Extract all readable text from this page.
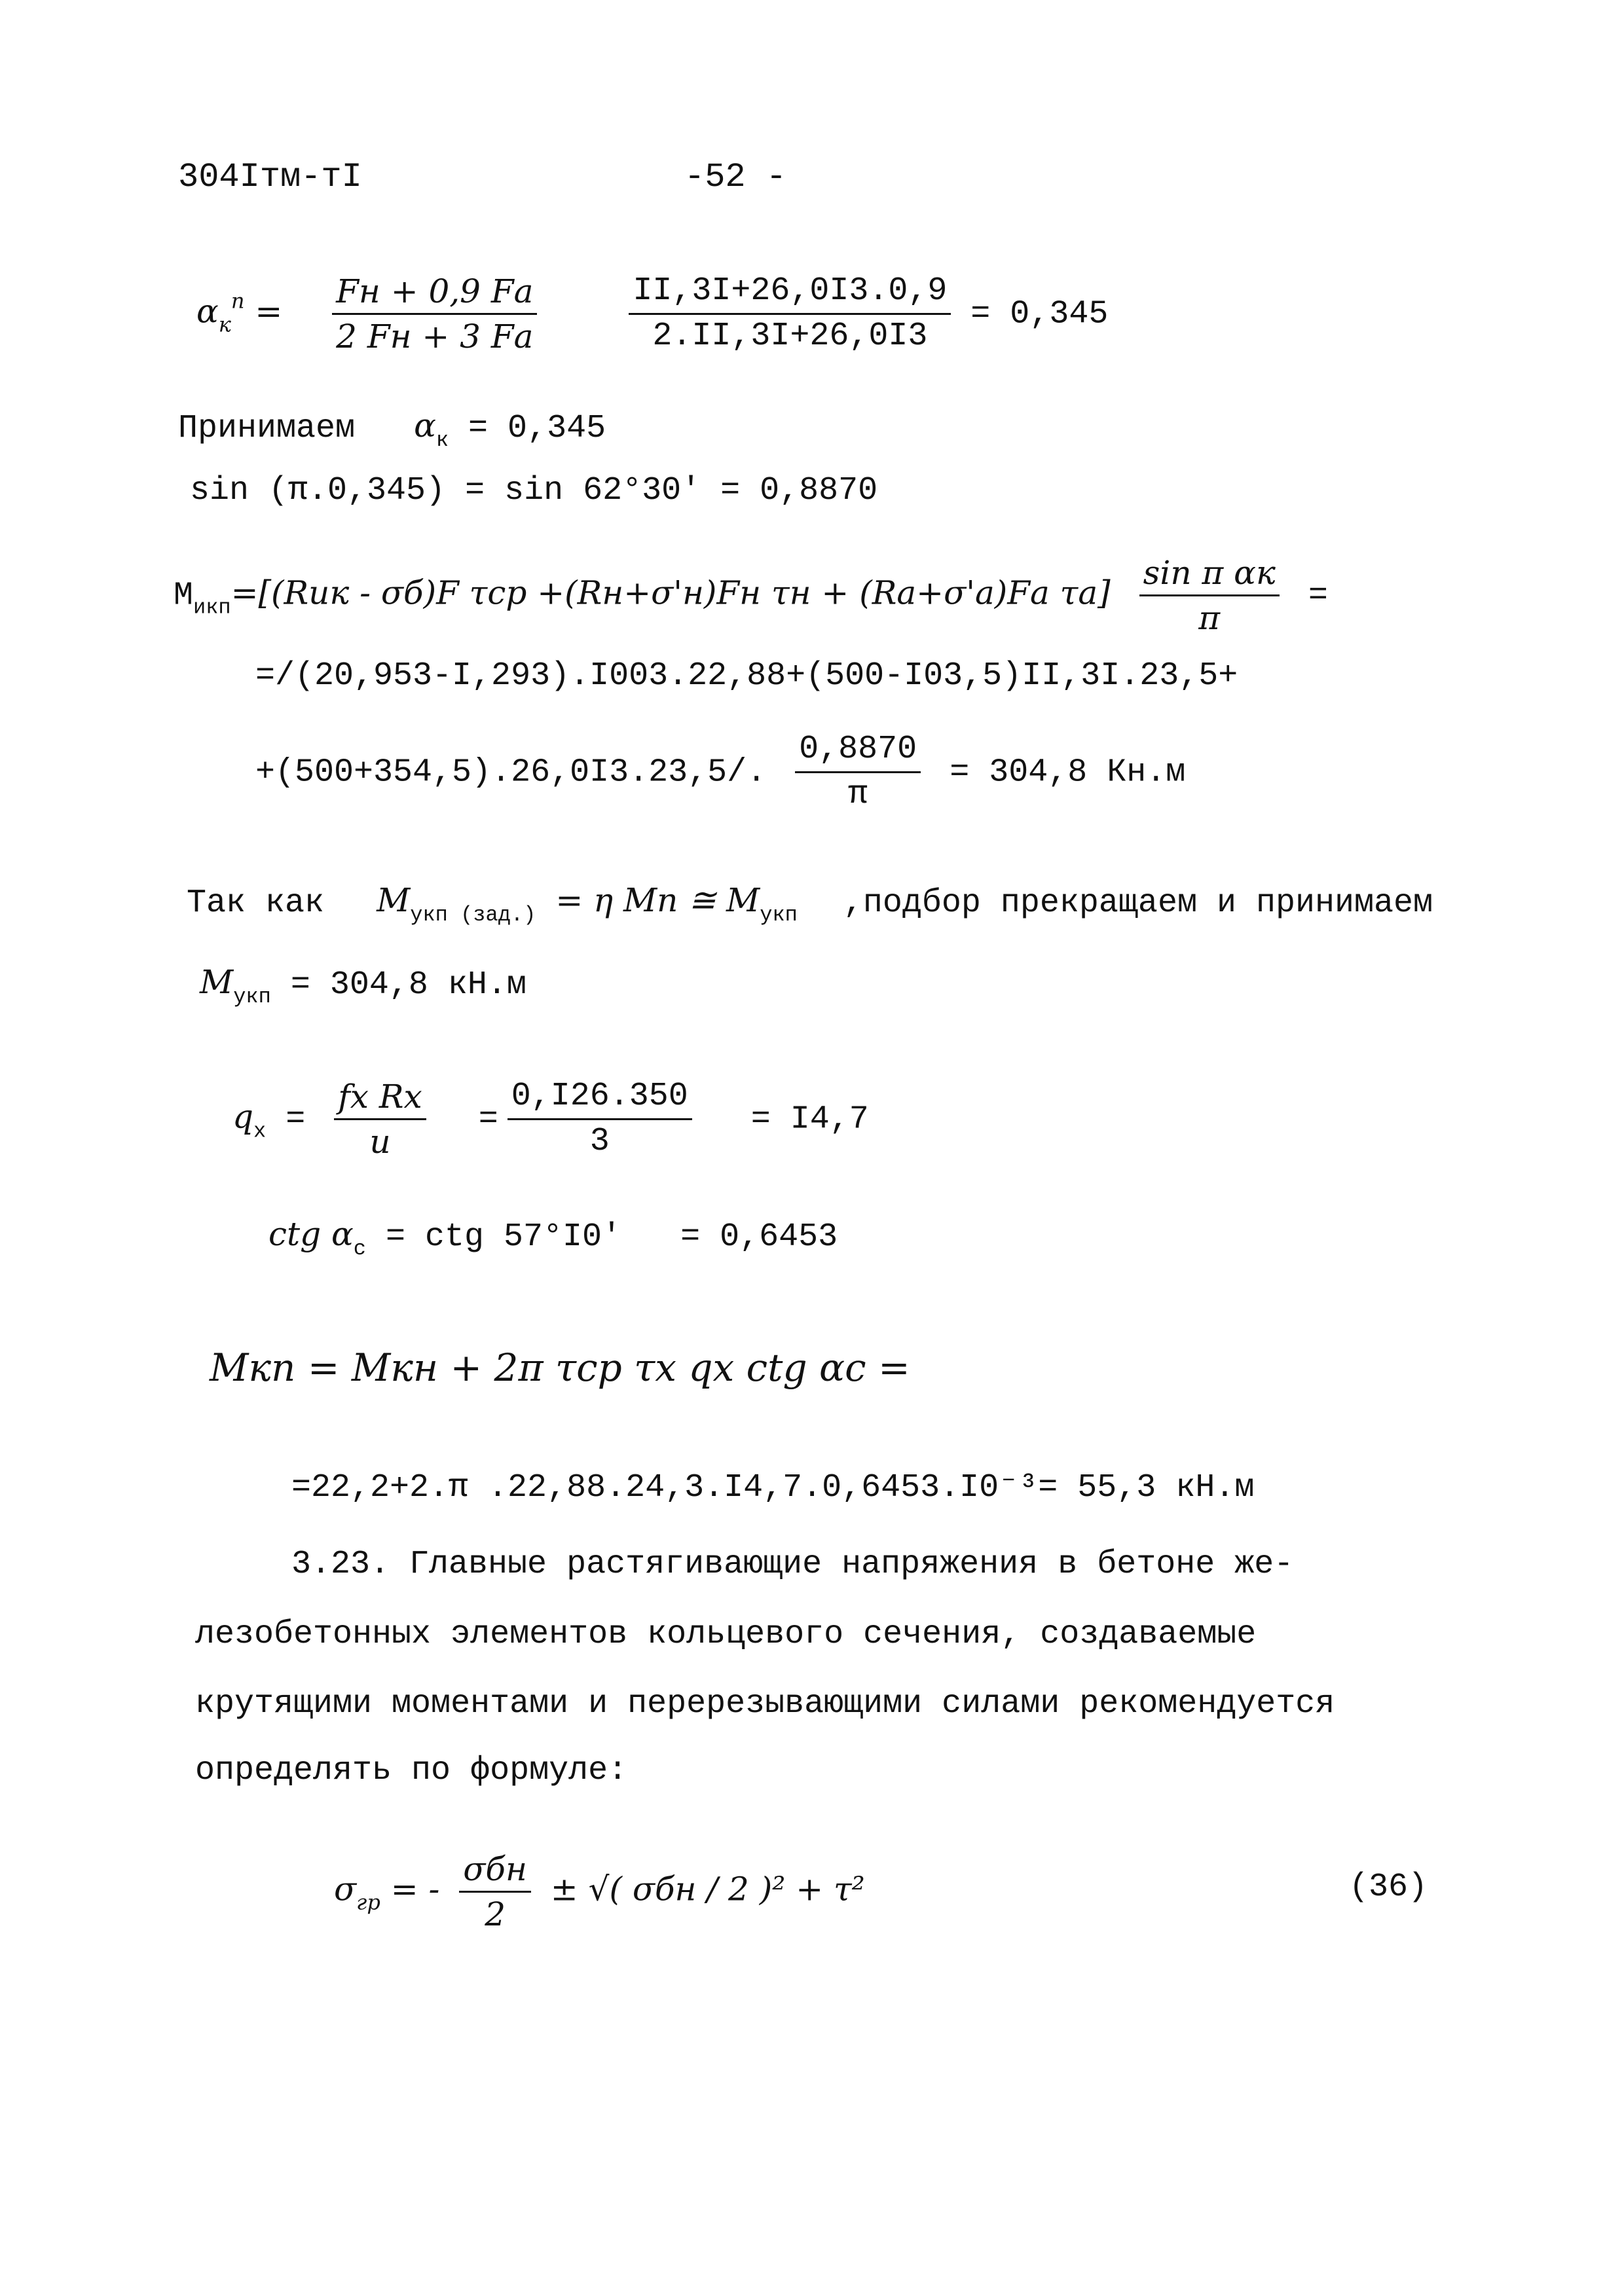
304Iтм-тI	-52 -
$\alpha_к^п = \frac{Fн + 0,9 Fа}{2 Fн + 3 Fа}$
	$\frac{II,3I+26,0I3.0,9}{2.II,3I+26,0I3} = 0,345$
Принимаем $\alpha_к = 0,345$
sin (π.0,345) = sin 62°30' = 0,8870
$M_{икп}=[(Rик - \sigma б)F$ τср +(Rн+σ'н)Fн τн + (Rа+σ'а)Fа $\tau а] \frac{\text{sin π αк}}{\pi}$ =
=/(20,953-I,293).I003.22,88+(500-I03,5)II,3I.23,5+
+(500+354,5).26,0I3.23,5/. $\frac{0,8870}{\pi} = 304,8$ Кн.м
Так как $M_{укп (зад.)} = \eta$ Mп ≅ $M_{укп}$ ,подбор прекращаем и принимаем
$M_{укп} = 304,8$ кН.м
$q_x = \frac{\text{fx Rx}}{u} = \frac{0,I26.350}{3} = I4,7$
ctg $\alpha_c$ = ctg 57°I0' = 0,6453
Mкп = Mкн + 2π τср τx qx ctg αc =
=22,2+2.π .22,88.24,3.I4,7.0,6453.I0⁻³= 55,3 кН.м
3.23. Главные растягивающие напряжения в бетоне же-
лезобетонных элементов кольцевого сечения, создаваемые
крутящими моментами и перерезывающими силами рекомендуется
определять по формуле:
$\sigma_{гр}$ = - $\frac{\text{σбн}}{2}$ ± √( σбн / 2 )² + τ²	(36)
